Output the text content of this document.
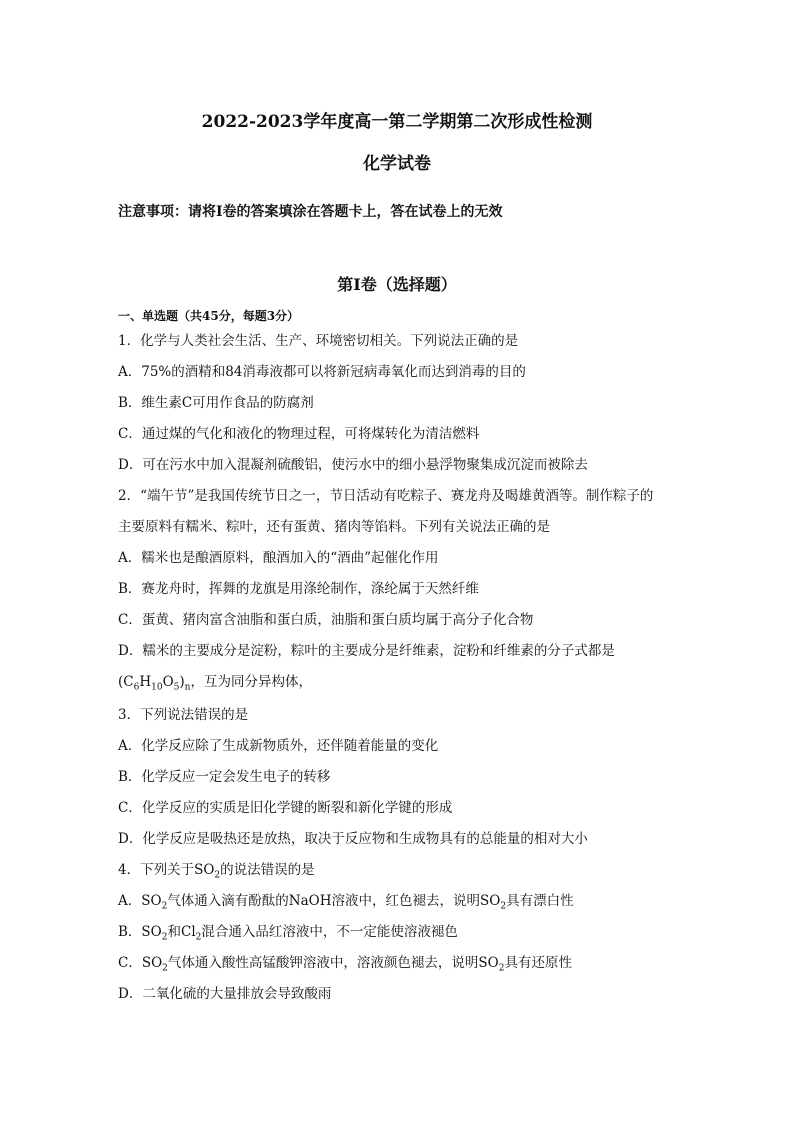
2022-2023学年度高一第二学期第二次形成性检测
化学试卷
注意事项：请将Ⅰ卷的答案填涂在答题卡上，答在试卷上的无效
第Ⅰ卷（选择题）
一、单选题（共45分，每题3分）
1．化学与人类社会生活、生产、环境密切相关。下列说法正确的是
A．75%的酒精和84消毒液都可以将新冠病毒氧化而达到消毒的目的
B．维生素C可用作食品的防腐剂
C．通过煤的气化和液化的物理过程，可将煤转化为清洁燃料
D．可在污水中加入混凝剂硫酸铝，使污水中的细小悬浮物聚集成沉淀而被除去
2．“端午节”是我国传统节日之一，节日活动有吃粽子、赛龙舟及喝雄黄酒等。制作粽子的
主要原料有糯米、粽叶，还有蛋黄、猪肉等馅料。下列有关说法正确的是
A．糯米也是酿酒原料，酿酒加入的“酒曲”起催化作用
B．赛龙舟时，挥舞的龙旗是用涤纶制作，涤纶属于天然纤维
C．蛋黄、猪肉富含油脂和蛋白质，油脂和蛋白质均属于高分子化合物
D．糯米的主要成分是淀粉，粽叶的主要成分是纤维素，淀粉和纤维素的分子式都是
$(C_6H_{10}O_5)_n$，互为同分异构体，
3．下列说法错误的是
A．化学反应除了生成新物质外，还伴随着能量的变化
B．化学反应一定会发生电子的转移
C．化学反应的实质是旧化学键的断裂和新化学键的形成
D．化学反应是吸热还是放热，取决于反应物和生成物具有的总能量的相对大小
4．下列关于$SO_2$的说法错误的是
A．$SO_2$气体通入滴有酚酞的NaOH溶液中，红色褪去，说明$SO_2$具有漂白性
B．$SO_2$和$Cl_2$混合通入品红溶液中，不一定能使溶液褪色
C．$SO_2$气体通入酸性高锰酸钾溶液中，溶液颜色褪去，说明$SO_2$具有还原性
D．二氧化硫的大量排放会导致酸雨
